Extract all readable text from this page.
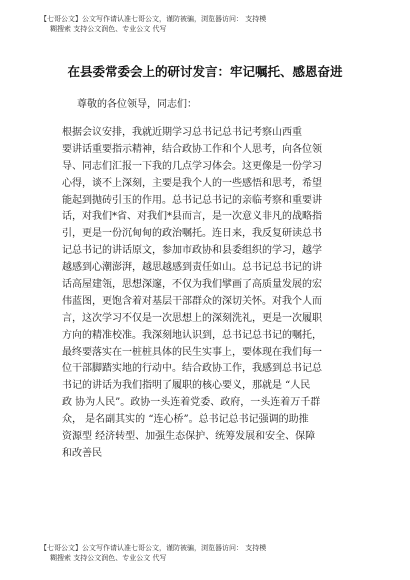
【七哥公文】公文写作请认准七哥公文，谨防被骗，浏览器访问： 支持模
糊搜索 支持公文润色、专业公文 代写
在县委常委会上的研讨发言：牢记嘱托、感恩奋进
尊敬的各位领导，同志们：
根据会议安排，我就近期学习总书记总书记考察山西重
要讲话重要指示精神，结合政协工作和个人思考，向各位领
导、同志们汇报一下我的几点学习体会。这更像是一份学习
心得，谈不上深刻，主要是我个人的一些感悟和思考，希望
能起到抛砖引玉的作用。总书记总书记的亲临考察和重要讲
话，对我们*省、对我们*县而言，是一次意义非凡的战略指
引，更是一份沉甸甸的政治嘱托。连日来，我反复研读总书
记总书记的讲话原文，参加市政协和县委组织的学习，越学
越感到心潮澎湃，越思越感到责任如山。总书记总书记的讲
话高屋建瓴，思想深邃，不仅为我们擘画了高质量发展的宏
伟蓝图，更饱含着对基层干部群众的深切关怀。对我个人而
言，这次学习不仅是一次思想上的深刻洗礼，更是一次履职
方向的精准校准。我深刻地认识到，总书记总书记的嘱托，
最终要落实在一桩桩具体的民生实事上，要体现在我们每一
位干部脚踏实地的行动中。结合政协工作，我感到总书记总
书记的讲话为我们指明了履职的核心要义，那就是 “人民
政 协为人民”。政协一头连着党委、政府，一头连着万千群
众， 是名副其实的 “连心桥”。总书记总书记强调的助推
资源型 经济转型、加强生态保护、统筹发展和安全、保障
和改善民
【七哥公文】公文写作请认准七哥公文，谨防被骗，浏览器访问： 支持模
糊搜索 支持公文润色、专业公文 代写
